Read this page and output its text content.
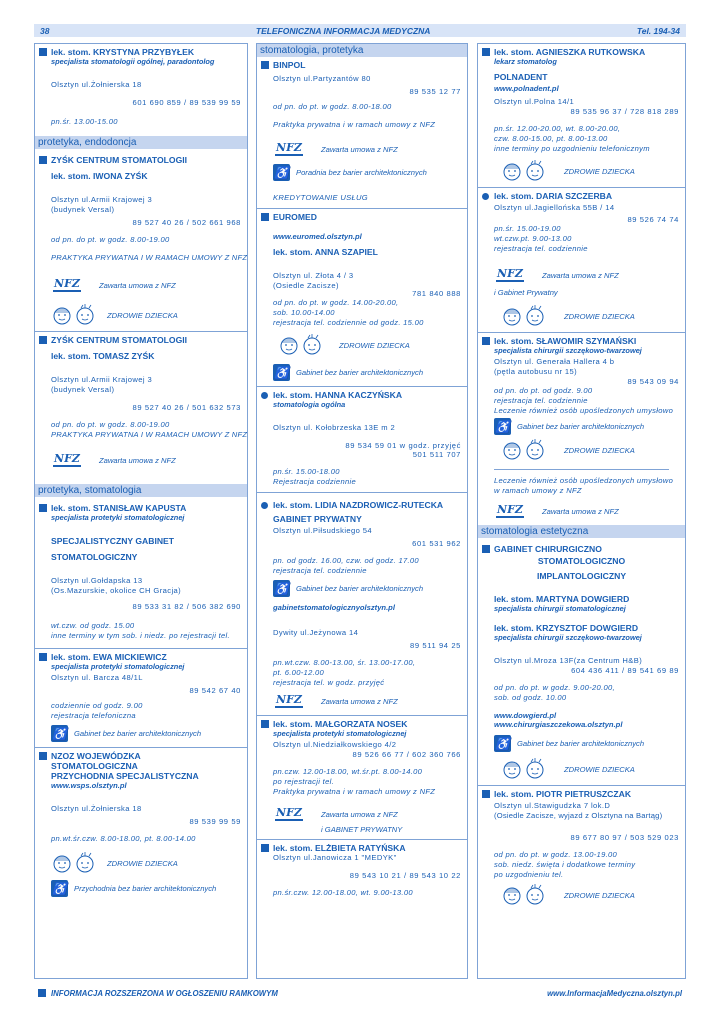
38	TELEFONICZNA INFORMACJA MEDYCZNA	Tel. 194-34
lek. stom. KRYSTYNA PRZYBYŁEK
specjalista stomatologii ogólnej, paradontolog
Olsztyn ul.Żołnierska 18
601 690 859 / 89 539 99 59
pn.śr. 13.00-15.00
protetyka, endodoncja
ZYŚK CENTRUM STOMATOLOGII
lek. stom. IWONA ZYŚK
Olsztyn ul.Armii Krajowej 3
(budynek Versal)
89 527 40 26 / 502 661 968
od pn. do pt. w godz. 8.00-19.00
PRAKTYKA PRYWATNA I W RAMACH UMOWY Z NFZ
NFZ	Zawarta umowa z NFZ
ZDROWIE DZIECKA
ZYŚK CENTRUM STOMATOLOGII
lek. stom. TOMASZ ZYŚK
Olsztyn ul.Armii Krajowej 3
(budynek Versal)
89 527 40 26 / 501 632 573
od pn. do pt. w godz. 8.00-19.00
PRAKTYKA PRYWATNA I W RAMACH UMOWY Z NFZ
NFZ	Zawarta umowa z NFZ
protetyka, stomatologia
lek. stom. STANISŁAW KAPUSTA
specjalista protetyki stomatologicznej
SPECJALISTYCZNY GABINET
STOMATOLOGICZNY
Olsztyn ul.Gołdapska 13
(Os.Mazurskie, okolice CH Gracja)
89 533 31 82 / 506 382 690
wt.czw. od godz. 15.00
inne terminy w tym sob. i niedz. po rejestracji tel.
lek. stom. EWA MICKIEWICZ
specjalista protetyki stomatologicznej
Olsztyn ul. Barcza 48/1L
89 542 67 40
codziennie od godz. 9.00
rejestracja telefoniczna
♿ Gabinet bez barier architektonicznych
NZOZ WOJEWÓDZKA
STOMATOLOGICZNA
PRZYCHODNIA SPECJALISTYCZNA
www.wsps.olsztyn.pl
Olsztyn ul.Żołnierska 18
89 539 99 59
pn.wt.śr.czw. 8.00-18.00, pt. 8.00-14.00
ZDROWIE DZIECKA
♿ Przychodnia bez barier architektonicznych
stomatologia, protetyka
BINPOL
Olsztyn ul.Partyzantów 80
89 535 12 77
od pn. do pt. w godz. 8.00-18.00
Praktyka prywatna i w ramach umowy z NFZ
NFZ	Zawarta umowa z NFZ
♿ Poradnia bez barier architektonicznych
KREDYTOWANIE USŁUG
EUROMED
www.euromed.olsztyn.pl
lek. stom. ANNA SZAPIEL
Olsztyn ul. Złota 4 / 3
(Osiedle Zacisze)
781 840 888
od pn. do pt. w godz. 14.00-20.00,
sob. 10.00-14.00
rejestracja tel. codziennie od godz. 15.00
ZDROWIE DZIECKA
♿ Gabinet bez barier architektonicznych
lek. stom. HANNA KACZYŃSKA
stomatologia ogólna
Olsztyn ul. Kołobrzeska 13E m 2
89 534 59 01 w godz. przyjęć
501 511 707
pn.śr. 15.00-18.00
Rejestracja codziennie
lek. stom. LIDIA NAZDROWICZ-RUTECKA
GABINET PRYWATNY
Olsztyn ul.Piłsudskiego 54
601 531 962
pn. od godz. 16.00, czw. od godz. 17.00
rejestracja tel. codziennie
♿ Gabinet bez barier architektonicznych
gabinetstomatologicznyolsztyn.pl
Dywity ul.Jeżynowa 14
89 511 94 25
pn.wt.czw. 8.00-13.00, śr. 13.00-17.00,
pt. 6.00-12.00
rejestracja tel. w godz. przyjęć
NFZ	Zawarta umowa z NFZ
lek. stom. MAŁGORZATA NOSEK
specjalista protetyki stomatologicznej
Olsztyn ul.Niedziałkowskiego 4/2
89 526 66 77 / 602 360 766
pn.czw. 12.00-18.00, wt.śr.pt. 8.00-14.00
po rejestracji tel.
Praktyka prywatna i w ramach umowy z NFZ
NFZ	Zawarta umowa z NFZ
i GABINET PRYWATNY
lek. stom. ELŻBIETA RATYŃSKA
Olsztyn ul.Janowicza 1 "MEDYK"
89 543 10 21 / 89 543 10 22
pn.śr.czw. 12.00-18.00, wt. 9.00-13.00
lek. stom. AGNIESZKA RUTKOWSKA
lekarz stomatolog
POLNADENT
www.polnadent.pl
Olsztyn ul.Polna 14/1
89 535 96 37 / 728 818 289
pn.śr. 12.00-20.00, wt. 8.00-20.00,
czw. 8.00-15.00, pt. 8.00-13.00
inne terminy po uzgodnieniu telefonicznym
ZDROWIE DZIECKA
lek. stom. DARIA SZCZERBA
Olsztyn ul.Jagiellońska 55B / 14
89 526 74 74
pn.śr. 15.00-19.00
wt.czw.pt. 9.00-13.00
rejestracja tel. codziennie
NFZ	Zawarta umowa z NFZ
i Gabinet Prywatny
ZDROWIE DZIECKA
lek. stom. SŁAWOMIR SZYMAŃSKI
specjalista chirurgii szczękowo-twarzowej
Olsztyn ul. Generała Hallera 4 b
(pętla autobusu nr 15)
89 543 09 94
od pn. do pt. od godz. 9.00
rejestracja tel. codziennie
Leczenie również osób upośledzonych umysłowo
♿ Gabinet bez barier architektonicznych
ZDROWIE DZIECKA
Leczenie również osób upośledzonych umysłowo
w ramach umowy z NFZ
NFZ	Zawarta umowa z NFZ
stomatologia estetyczna
GABINET CHIRURGICZNO
STOMATOLOGICZNO
IMPLANTOLOGICZNY
lek. stom. MARTYNA DOWGIERD
specjalista chirurgii stomatologicznej
lek. stom. KRZYSZTOF DOWGIERD
specjalista chirurgii szczękowo-twarzowej
Olsztyn ul.Mroza 13F(za Centrum H&B)
604 436 411 / 89 541 69 89
od pn. do pt. w godz. 9.00-20.00,
sob. od godz. 10.00
www.dowgierd.pl
www.chirurgiaszczekowa.olsztyn.pl
♿ Gabinet bez barier architektonicznych
ZDROWIE DZIECKA
lek. stom. PIOTR PIETRUSZCZAK
Olsztyn ul.Stawigudzka 7 lok.D
(Osiedle Zacisze, wyjazd z Olsztyna na Bartąg)
89 677 80 97 / 503 529 023
od pn. do pt. w godz. 13.00-19.00
sob. niedz. święta i dodatkowe terminy
po uzgodnieniu tel.
ZDROWIE DZIECKA
INFORMACJA ROZSZERZONA W OGŁOSZENIU RAMKOWYM	www.InformacjaMedyczna.olsztyn.pl
